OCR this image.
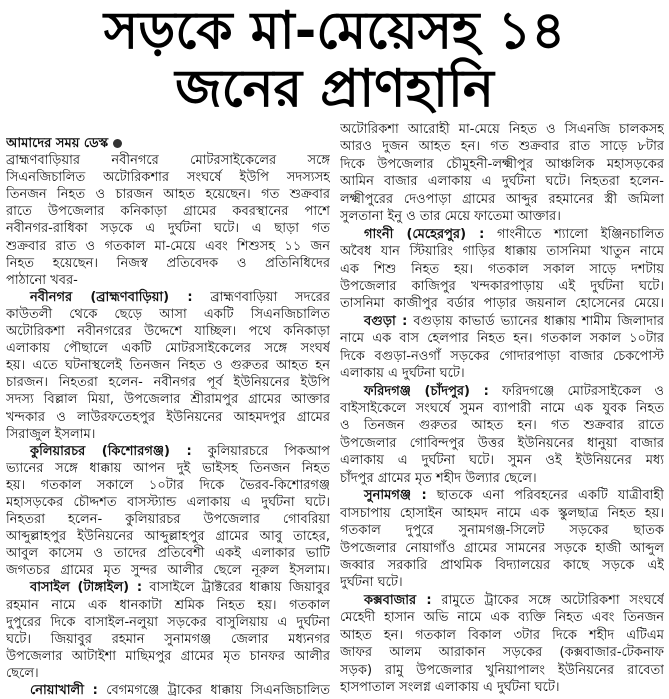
সড়কে মা-মেয়েসহ ১৪
জনের প্রাণহানি
আমাদের সময় ডেস্ক
ব্রাহ্মণবাড়িয়ার নবীনগরে মোটরসাইকেলের সঙ্গে
সিএনজিচালিত অটোরিকশার সংঘর্ষে ইউপি সদস্যসহ
তিনজন নিহত ও চারজন আহত হয়েছেন। গত শুক্রবার
রাতে উপজেলার কনিকাড়া গ্রামের কবরস্থানের পাশে
নবীনগর-রাধিকা সড়কে এ দুর্ঘটনা ঘটে। এ ছাড়া গত
শুক্রবার রাত ও গতকাল মা-মেয়ে এবং শিশুসহ ১১ জন
নিহত হয়েছেন। নিজস্ব প্রতিবেদক ও প্রতিনিধিদের
পাঠানো খবর-
নবীনগর (ব্রাহ্মণবাড়িয়া) : ব্রাহ্মণবাড়িয়া সদরের
কাউতলী থেকে ছেড়ে আসা একটি সিএনজিচালিত
অটোরিকশা নবীনগরের উদ্দেশে যাচ্ছিল। পথে কনিকাড়া
এলাকায় পৌছালে একটি মোটরসাইকেলের সঙ্গে সংঘর্ষ
হয়। এতে ঘটনাস্থলেই তিনজন নিহত ও গুরুতর আহত হন
চারজন। নিহতরা হলেন- নবীনগর পূর্ব ইউনিয়নের ইউপি
সদস্য বিল্লাল মিয়া, উপজেলার শ্রীরামপুর গ্রামের আক্তার
খন্দকার ও লাউরফতেহপুর ইউনিয়নের আহমদপুর গ্রামের
সিরাজুল ইসলাম।
কুলিয়ারচর (কিশোরগঞ্জ) : কুলিয়ারচরে পিকআপ
ভ্যানের সঙ্গে ধাক্কায় আপন দুই ভাইসহ তিনজন নিহত
হয়। গতকাল সকালে ১০টার দিকে ভৈরব-কিশোরগঞ্জ
মহাসড়কের চৌদ্দশত বাসস্ট্যান্ড এলাকায় এ দুর্ঘটনা ঘটে।
নিহতরা হলেন- কুলিয়ারচর উপজেলার গোবরিয়া
আব্দুল্লাহপুর ইউনিয়নের আব্দুল্লাহপুর গ্রামের আবু তাহের,
আবুল কাসেম ও তাদের প্রতিবেশী একই এলাকার ভাটি
জগতচর গ্রামের মৃত সুন্দর আলীর ছেলে নূরুল ইসলাম।
বাসাইল (টাঙ্গাইল) : বাসাইলে ট্রাক্টরের ধাক্কায় জিয়াবুর
রহমান নামে এক ধানকাটা শ্রমিক নিহত হয়। গতকাল
দুপুরের দিকে বাসাইল-নলুয়া সড়কের বাসুলিয়ায় এ দুর্ঘটনা
ঘটে। জিয়াবুর রহমান সুনামগঞ্জ জেলার মধ্যনগর
উপজেলার আটাইশা মাছিমপুর গ্রামের মৃত চানফর আলীর
ছেলে।
নোয়াখালী : বেগমগঞ্জে ট্রাকের ধাক্কায় সিএনজিচালিত
অটোরিকশা আরোহী মা-মেয়ে নিহত ও সিএনজি চালকসহ
আরও দুজন আহত হন। গত শুক্রবার রাত সাড়ে ৮টার
দিকে উপজেলার চৌমুহনী-লক্ষ্মীপুর আঞ্চলিক মহাসড়কের
আমিন বাজার এলাকায় এ দুর্ঘটনা ঘটে। নিহতরা হলেন-
লক্ষ্মীপুরের দেওপাড়া গ্রামের আব্দুর রহমানের স্ত্রী জমিলা
সুলতানা ইনু ও তার মেয়ে ফাতেমা আক্তার।
গাংনী (মেহেরপুর) : গাংনীতে শ্যালো ইঞ্জিনচালিত
অবৈধ যান স্টিয়ারিং গাড়ির ধাক্কায় তাসনিমা খাতুন নামে
এক শিশু নিহত হয়। গতকাল সকাল সাড়ে দশটায়
উপজেলার কাজিপুর খন্দকারপাড়ায় এই দুর্ঘটনা ঘটে।
তাসনিমা কাজীপুর বর্ডার পাড়ার জয়নাল হোসেনের মেয়ে।
বগুড়া : বগুড়ায় কাভার্ড ভ্যানের ধাক্কায় শামীম জিলাদার
নামে এক বাস হেলপার নিহত হন। গতকাল সকাল ১০টার
দিকে বগুড়া-নওগাঁ সড়কের গোদারপাড়া বাজার চেকপোস্ট
এলাকায় এ দুর্ঘটনা ঘটে।
ফরিদগঞ্জ (চাঁদপুর) : ফরিদগঞ্জে মোটরসাইকেল ও
বাইসাইকেলে সংঘর্ষে সুমন ব্যাপারী নামে এক যুবক নিহত
ও তিনজন গুরুতর আহত হন। গত শুক্রবার রাতে
উপজেলার গোবিন্দপুর উত্তর ইউনিয়নের ধানুয়া বাজার
এলাকায় এ দুর্ঘটনা ঘটে। সুমন ওই ইউনিয়নের মধ্য
চাঁদপুর গ্রামের মৃত শহীদ উল্যার ছেলে।
সুনামগঞ্জ : ছাতকে এনা পরিবহনের একটি যাত্রীবাহী
বাসচাপায় হোসাইন আহমদ নামে এক স্কুলছাত্র নিহত হয়।
গতকাল দুপুরে সুনামগঞ্জ-সিলেট সড়কের ছাতক
উপজেলার নোয়াগাঁও গ্রামের সামনের সড়কে হাজী আব্দুল
জব্বার সরকারি প্রাথমিক বিদ্যালয়ের কাছে সড়কে এই
দুর্ঘটনা ঘটে।
কক্সবাজার : রামুতে ট্রাকের সঙ্গে অটোরিকশা সংঘর্ষে
মেহেদী হাসান অভি নামে এক ব্যক্তি নিহত এবং তিনজন
আহত হন। গতকাল বিকাল ৩টার দিকে শহীদ এটিএম
জাফর আলম আরাকান সড়কের (কক্সবাজার-টেকনাফ
সড়ক) রামু উপজেলার খুনিয়াপালং ইউনিয়নের রাবেতা
হাসপাতাল সংলগ্ন এলাকায় এ দুর্ঘটনা ঘটে।
